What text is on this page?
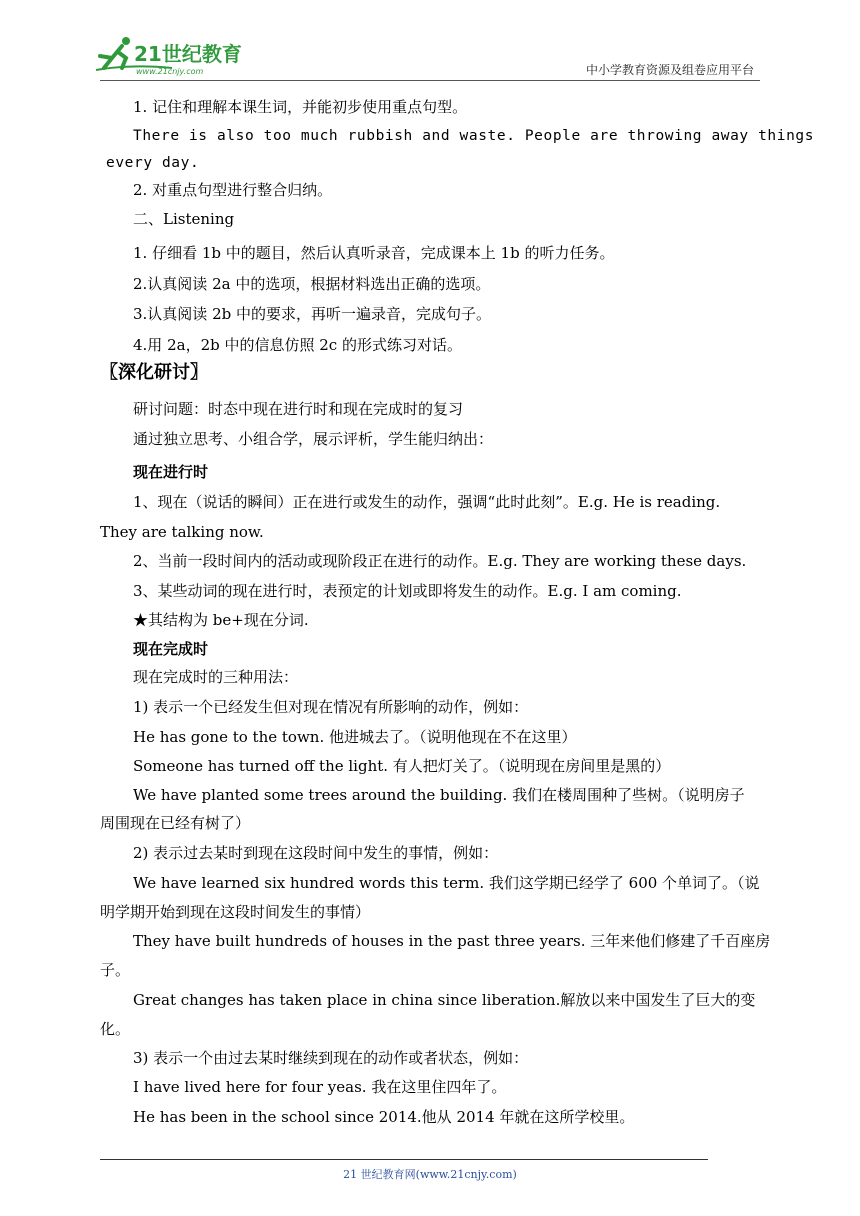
21世纪教育
www.21cnjy.com	中小学教育资源及组卷应用平台
1. 记住和理解本课生词，并能初步使用重点句型。
There is also too much rubbish and waste. People are throwing away things
every day.
2. 对重点句型进行整合归纳。
二、Listening
1. 仔细看 1b 中的题目，然后认真听录音，完成课本上 1b 的听力任务。
2.认真阅读 2a 中的选项，根据材料选出正确的选项。
3.认真阅读 2b 中的要求，再听一遍录音，完成句子。
4.用 2a，2b 中的信息仿照 2c 的形式练习对话。
〖深化研讨〗
研讨问题：时态中现在进行时和现在完成时的复习
通过独立思考、小组合学，展示评析，学生能归纳出：
现在进行时
1、现在（说话的瞬间）正在进行或发生的动作，强调“此时此刻”。E.g. He is reading.
They are talking now.
2、当前一段时间内的活动或现阶段正在进行的动作。E.g. They are working these days.
3、某些动词的现在进行时，表预定的计划或即将发生的动作。E.g. I am coming.
★其结构为 be+现在分词.
现在完成时
现在完成时的三种用法：
1) 表示一个已经发生但对现在情况有所影响的动作，例如：
He has gone to the town. 他进城去了。（说明他现在不在这里）
Someone has turned off the light. 有人把灯关了。（说明现在房间里是黑的）
We have planted some trees around the building. 我们在楼周围种了些树。（说明房子
周围现在已经有树了）
2) 表示过去某时到现在这段时间中发生的事情，例如：
We have learned six hundred words this term. 我们这学期已经学了 600 个单词了。（说
明学期开始到现在这段时间发生的事情）
They have built hundreds of houses in the past three years. 三年来他们修建了千百座房
子。
Great changes has taken place in china since liberation.解放以来中国发生了巨大的变
化。
3) 表示一个由过去某时继续到现在的动作或者状态，例如：
I have lived here for four yeas. 我在这里住四年了。
He has been in the school since 2014.他从 2014 年就在这所学校里。
21 世纪教育网(www.21cnjy.com)
